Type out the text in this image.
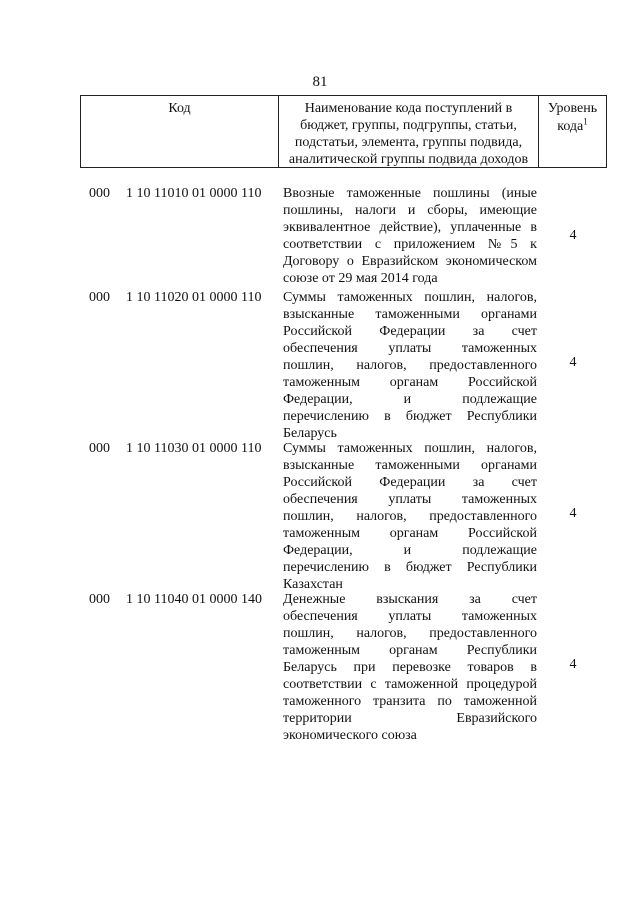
81
Код	Наименование кода поступлений в
бюджет, группы, подгруппы, статьи,
подстатьи, элемента, группы подвида,
аналитической группы подвида доходов
Уровень
кода$^1$
000 1 10 11010 01 0000 110 Ввозные таможенные пошлины (иные
пошлины, налоги и сборы, имеющие
эквивалентное действие), уплаченные в
соответствии с приложением №5 к
Договору о Евразийском экономическом
союзе от 29 мая 2014 года
4
000 1 10 11020 01 0000 110 Суммы таможенных пошлин, налогов,
взысканные таможенными органами
Российской Федерации за счет
обеспечения уплаты таможенных
пошлин, налогов, предоставленного
таможенным органам Российской
Федерации, и подлежащие
перечислению в бюджет Республики
Беларусь
4
000 1 10 11030 01 0000 110 Суммы таможенных пошлин, налогов,
взысканные таможенными органами
Российской Федерации за счет
обеспечения уплаты таможенных
пошлин, налогов, предоставленного
таможенным органам Российской
Федерации, и подлежащие
перечислению в бюджет Республики
Казахстан
4
000 1 10 11040 01 0000 140 Денежные взыскания за счет
обеспечения уплаты таможенных
пошлин, налогов, предоставленного
таможенным органам Республики
Беларусь при перевозке товаров в
соответствии с таможенной процедурой
таможенного транзита по таможенной
территории Евразийского
экономического союза
4
